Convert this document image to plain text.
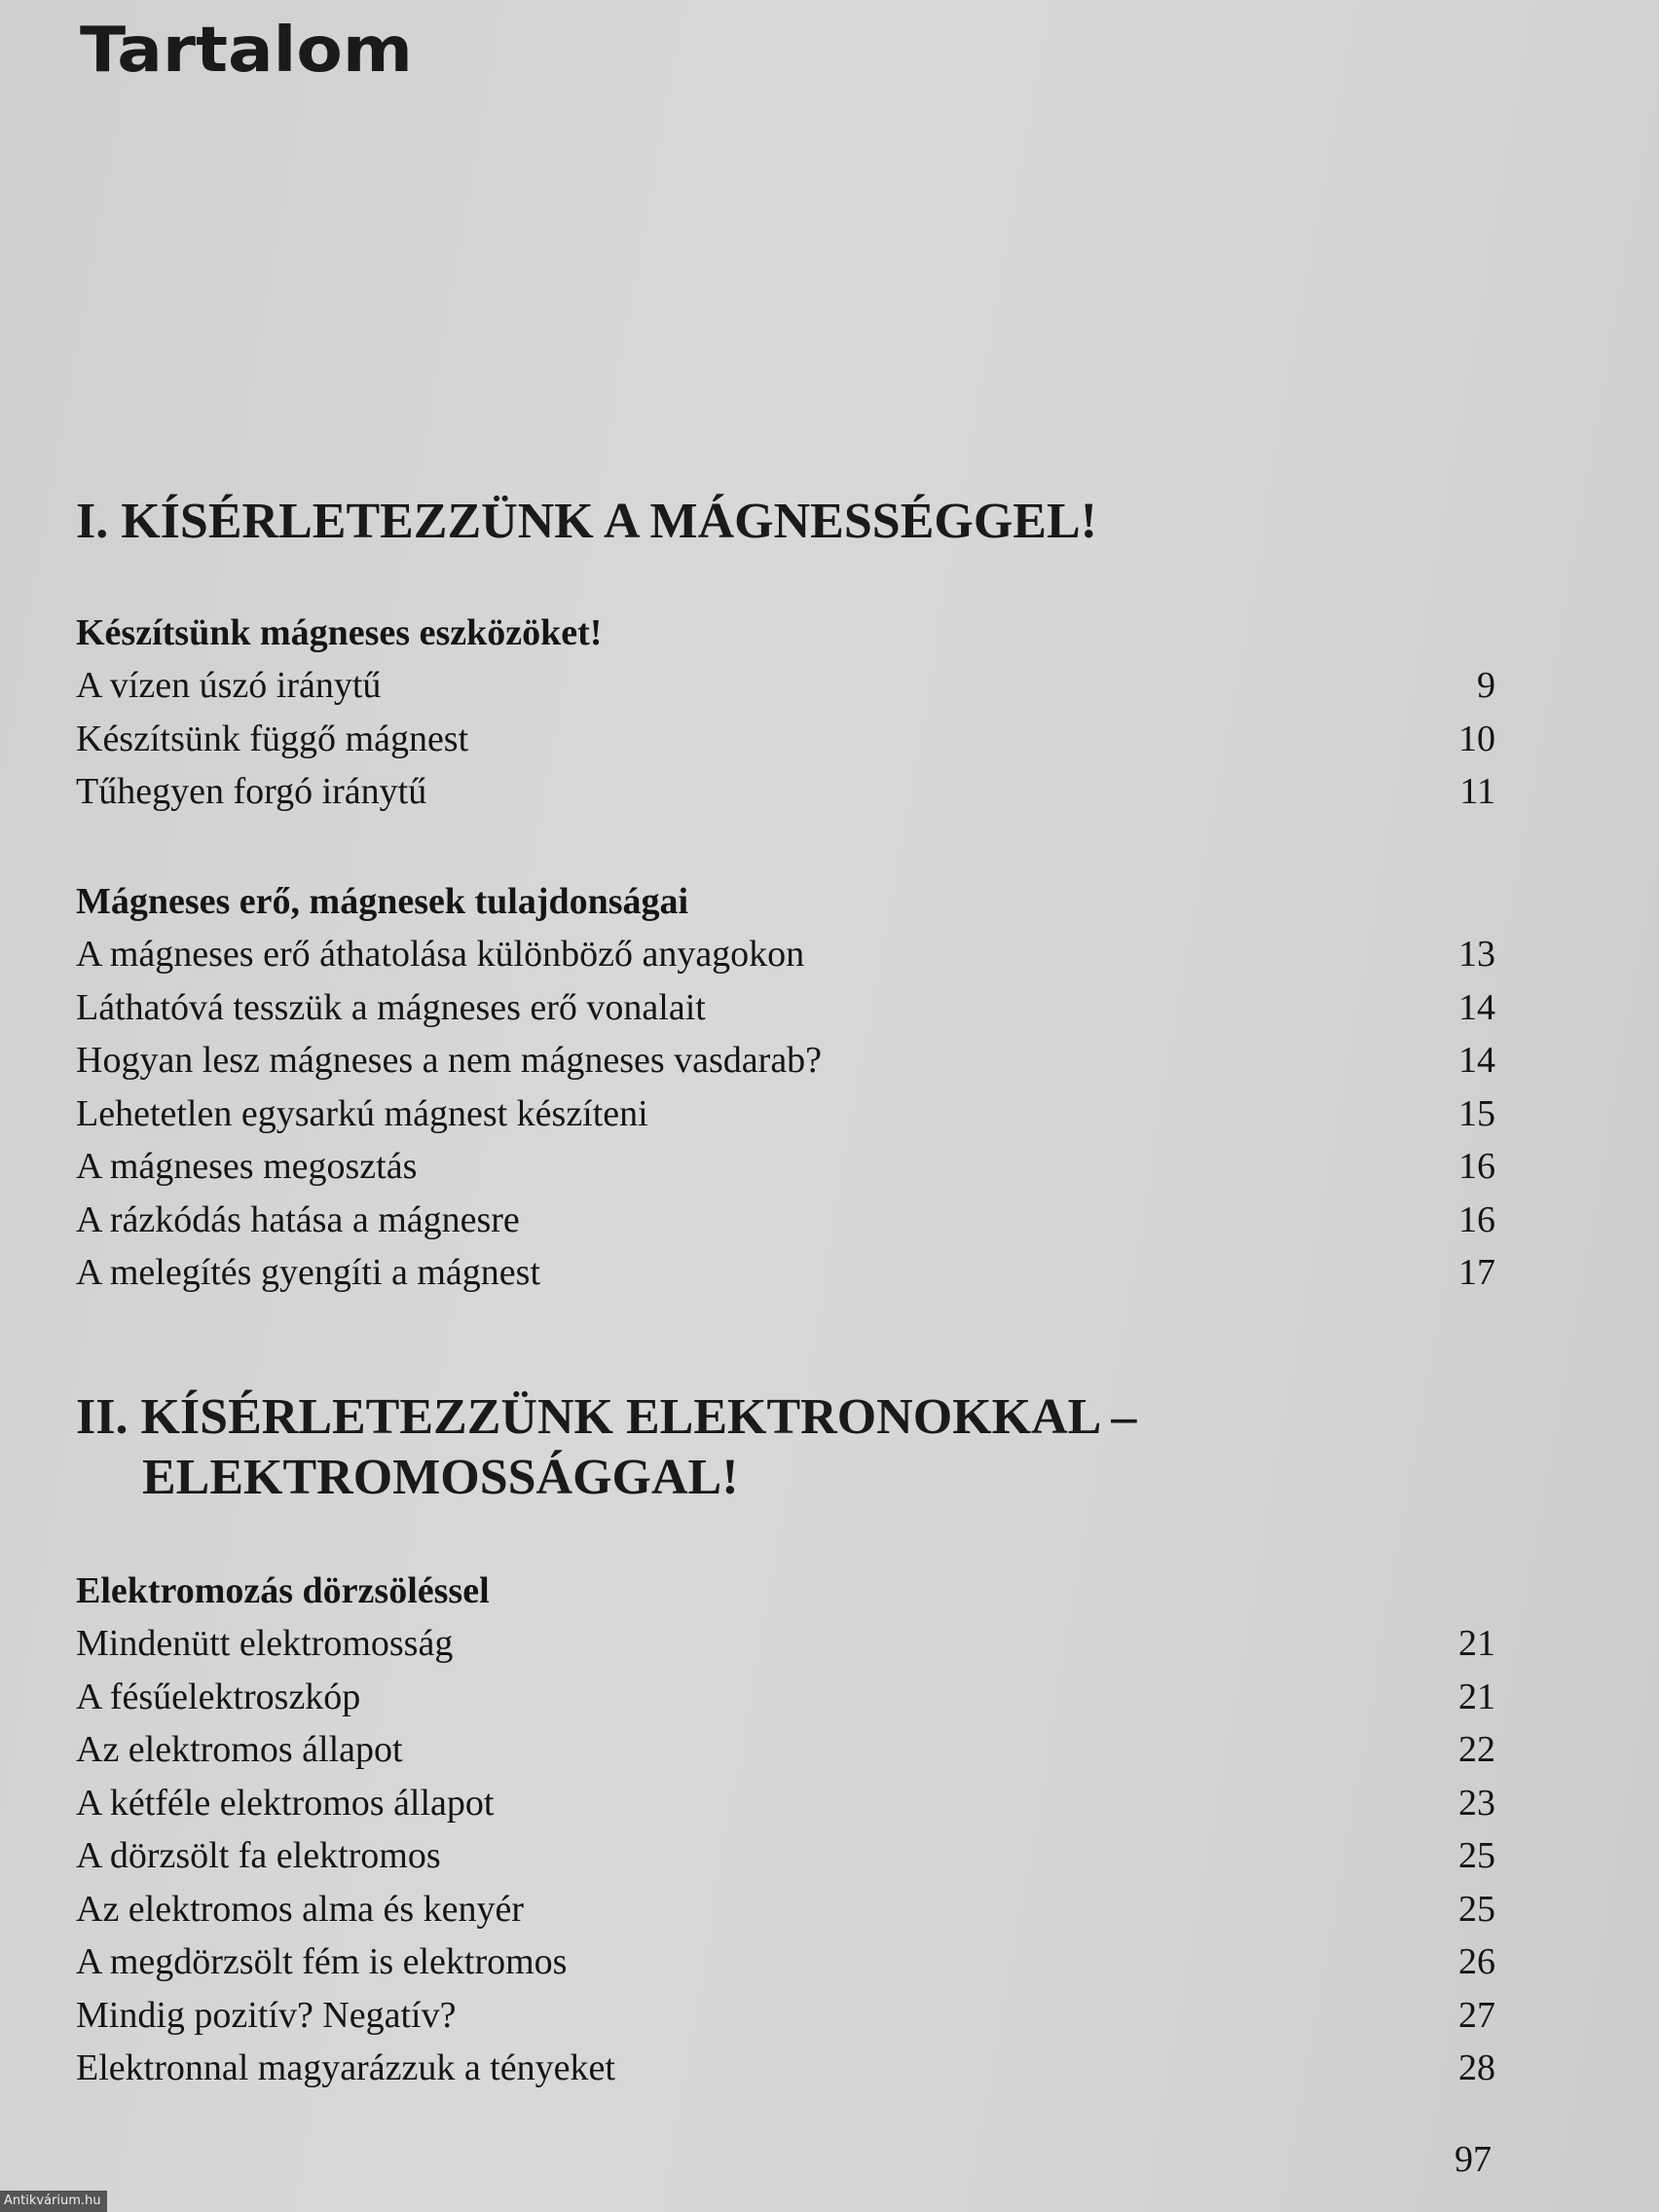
Tartalom
I. KÍSÉRLETEZZÜNK A MÁGNESSÉGGEL!
Készítsünk mágneses eszközöket!
A vízen úszó iránytű	9
Készítsünk függő mágnest	10
Tűhegyen forgó iránytű	11
Mágneses erő, mágnesek tulajdonságai
A mágneses erő áthatolása különböző anyagokon	13
Láthatóvá tesszük a mágneses erő vonalait	14
Hogyan lesz mágneses a nem mágneses vasdarab?	14
Lehetetlen egysarkú mágnest készíteni	15
A mágneses megosztás	16
A rázkódás hatása a mágnesre	16
A melegítés gyengíti a mágnest	17
II. KÍSÉRLETEZZÜNK ELEKTRONOKKAL –
ELEKTROMOSSÁGGAL!
Elektromozás dörzsöléssel
Mindenütt elektromosság	21
A fésűelektroszkóp	21
Az elektromos állapot	22
A kétféle elektromos állapot	23
A dörzsölt fa elektromos	25
Az elektromos alma és kenyér	25
A megdörzsölt fém is elektromos	26
Mindig pozitív? Negatív?	27
Elektronnal magyarázzuk a tényeket	28
97
Antikvárium.hu
